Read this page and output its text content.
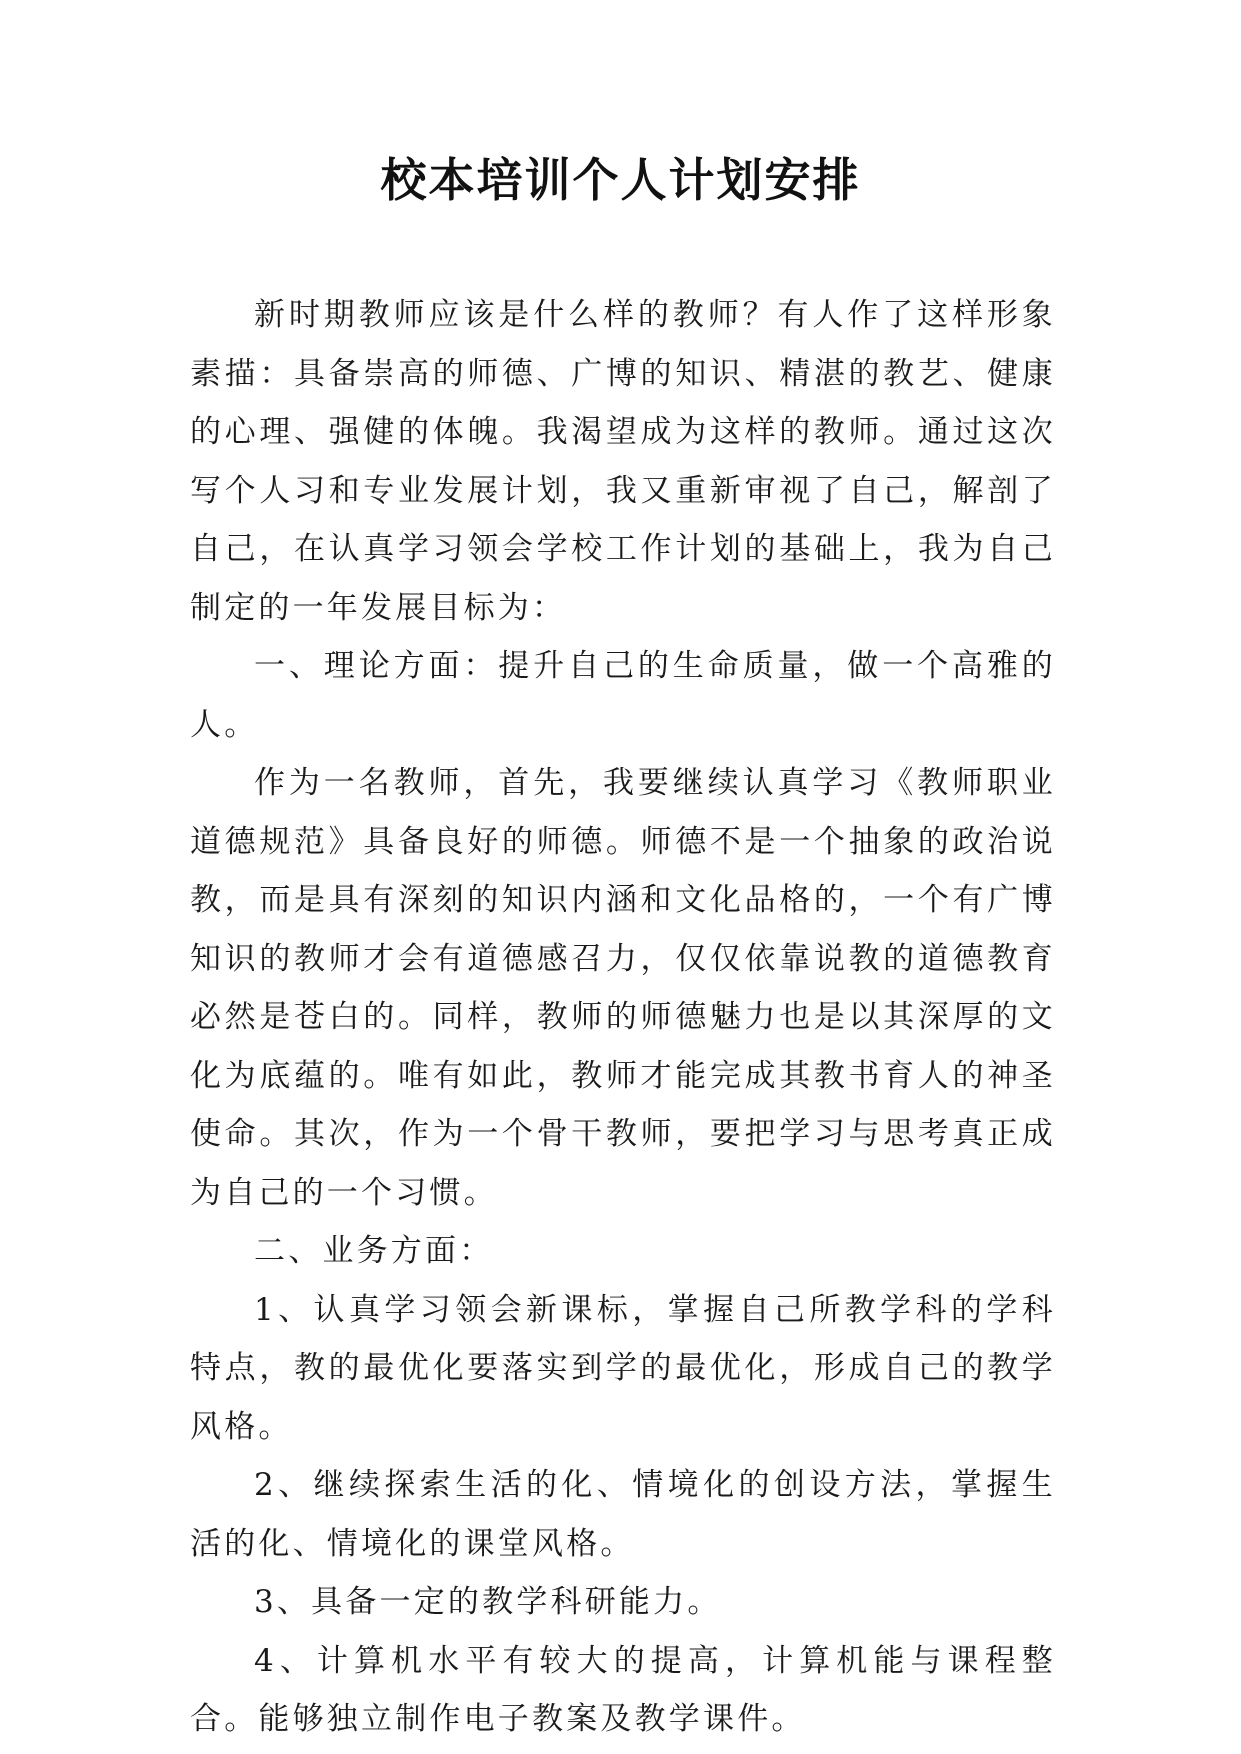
校本培训个人计划安排

新时期教师应该是什么样的教师？有人作了这样形象素描：具备崇高的师德、广博的知识、精湛的教艺、健康的心理、强健的体魄。我渴望成为这样的教师。通过这次写个人习和专业发展计划，我又重新审视了自己，解剖了自己，在认真学习领会学校工作计划的基础上，我为自己制定的一年发展目标为：

一、理论方面：提升自己的生命质量，做一个高雅的人。

作为一名教师，首先，我要继续认真学习《教师职业道德规范》具备良好的师德。师德不是一个抽象的政治说教，而是具有深刻的知识内涵和文化品格的，一个有广博知识的教师才会有道德感召力，仅仅依靠说教的道德教育必然是苍白的。同样，教师的师德魅力也是以其深厚的文化为底蕴的。唯有如此，教师才能完成其教书育人的神圣使命。其次，作为一个骨干教师，要把学习与思考真正成为自己的一个习惯。

二、业务方面：

1、认真学习领会新课标，掌握自己所教学科的学科特点，教的最优化要落实到学的最优化，形成自己的教学风格。

2、继续探索生活的化、情境化的创设方法，掌握生活的化、情境化的课堂风格。

3、具备一定的教学科研能力。

4、计算机水平有较大的提高，计算机能与课程整合。能够独立制作电子教案及教学课件。
